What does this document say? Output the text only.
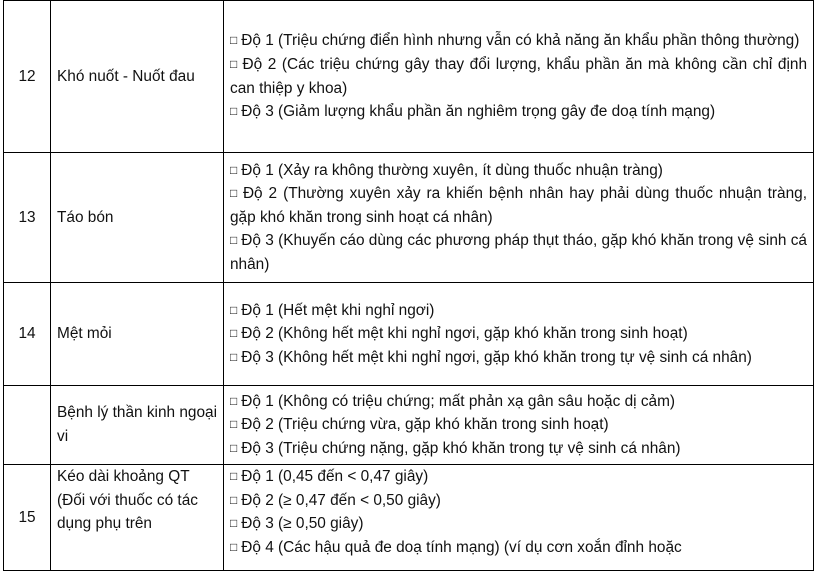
12	Khó nuốt - Nuốt đau	□ Độ 1 (Triệu chứng điển hình nhưng vẫn có khả năng ăn khẩu phần thông thường)
□ Độ 2 (Các triệu chứng gây thay đổi lượng, khẩu phần ăn mà không cần chỉ định can thiệp y khoa)
□ Độ 3 (Giảm lượng khẩu phần ăn nghiêm trọng gây đe doạ tính mạng)

13	Táo bón	□ Độ 1 (Xảy ra không thường xuyên, ít dùng thuốc nhuận tràng)
□ Độ 2 (Thường xuyên xảy ra khiến bệnh nhân hay phải dùng thuốc nhuận tràng, gặp khó khăn trong sinh hoạt cá nhân)
□ Độ 3 (Khuyến cáo dùng các phương pháp thụt tháo, gặp khó khăn trong vệ sinh cá nhân)

14	Mệt mỏi	□ Độ 1 (Hết mệt khi nghỉ ngơi)
□ Độ 2 (Không hết mệt khi nghỉ ngơi, gặp khó khăn trong sinh hoạt)
□ Độ 3 (Không hết mệt khi nghỉ ngơi, gặp khó khăn trong tự vệ sinh cá nhân)

	Bệnh lý thần kinh ngoại vi	□ Độ 1 (Không có triệu chứng; mất phản xạ gân sâu hoặc dị cảm)
□ Độ 2 (Triệu chứng vừa, gặp khó khăn trong sinh hoạt)
□ Độ 3 (Triệu chứng nặng, gặp khó khăn trong tự vệ sinh cá nhân)

15	Kéo dài khoảng QT (Đối với thuốc có tác dụng phụ trên	□ Độ 1 (0,45 đến < 0,47 giây)
□ Độ 2 (≥ 0,47 đến < 0,50 giây)
□ Độ 3 (≥ 0,50 giây)
□ Độ 4 (Các hậu quả đe doạ tính mạng) (ví dụ cơn xoắn đỉnh hoặc
